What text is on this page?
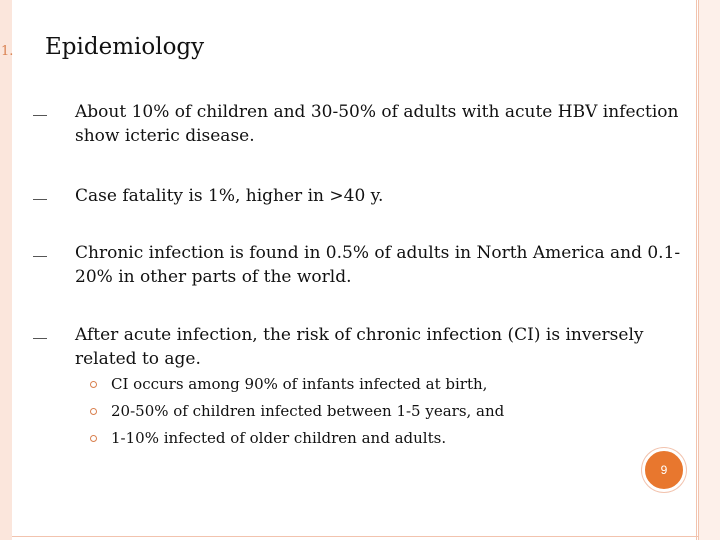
1. Epidemiology
About 10% of children and 30-50% of adults with acute HBV infection show icteric disease.
Case fatality is 1%, higher in >40 y.
Chronic infection is found in 0.5% of adults in North America and 0.1-20% in other parts of the world.
After acute infection, the risk of chronic infection (CI) is inversely related to age.
CI occurs among 90% of infants infected at birth,
20-50% of children infected between 1-5 years, and
1-10% infected of older children and adults.
9
